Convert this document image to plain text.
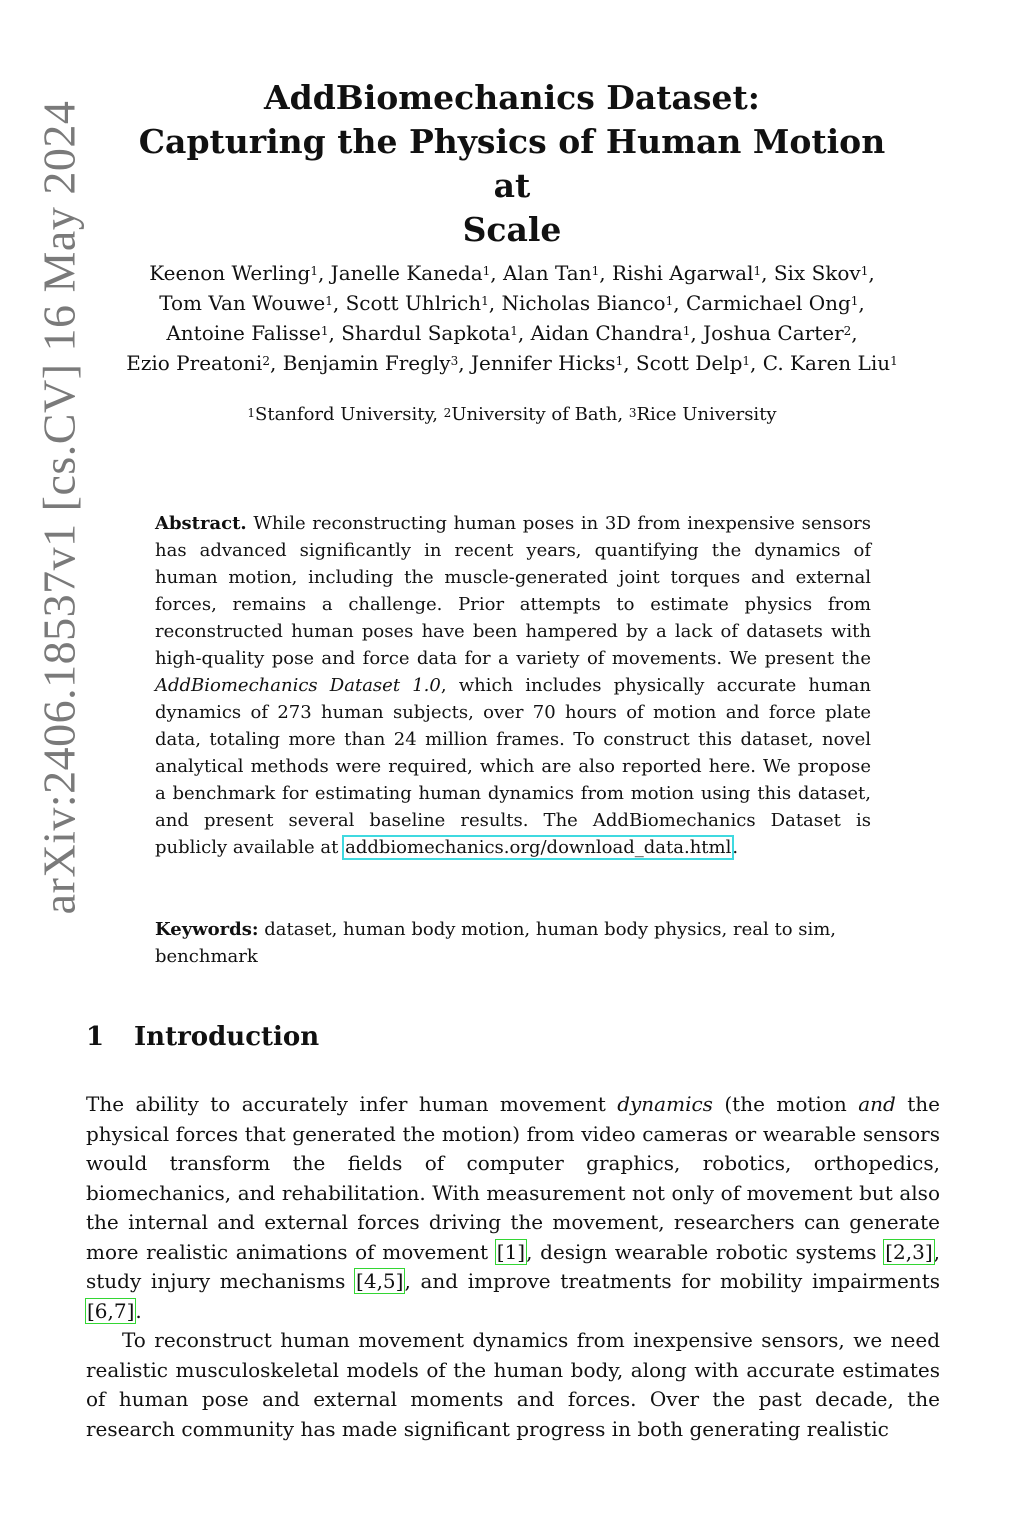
arXiv:2406.18537v1 [cs.CV] 16 May 2024
AddBiomechanics Dataset:
Capturing the Physics of Human Motion at
Scale
Keenon Werling$^1$, Janelle Kaneda$^1$, Alan Tan$^1$, Rishi Agarwal$^1$, Six Skov$^1$, Tom Van Wouwe$^1$, Scott Uhlrich$^1$, Nicholas Bianco$^1$, Carmichael Ong$^1$, Antoine Falisse$^1$, Shardul Sapkota$^1$, Aidan Chandra$^1$, Joshua Carter$^2$, Ezio Preatoni$^2$, Benjamin Fregly$^3$, Jennifer Hicks$^1$, Scott Delp$^1$, C. Karen Liu$^1$
$^1$Stanford University, $^2$University of Bath, $^3$Rice University
Abstract. While reconstructing human poses in 3D from inexpensive sensors has advanced significantly in recent years, quantifying the dynamics of human motion, including the muscle-generated joint torques and external forces, remains a challenge. Prior attempts to estimate physics from reconstructed human poses have been hampered by a lack of datasets with high-quality pose and force data for a variety of movements. We present the AddBiomechanics Dataset 1.0, which includes physically accurate human dynamics of 273 human subjects, over 70 hours of motion and force plate data, totaling more than 24 million frames. To construct this dataset, novel analytical methods were required, which are also reported here. We propose a benchmark for estimating human dynamics from motion using this dataset, and present several baseline results. The AddBiomechanics Dataset is publicly available at addbiomechanics.org/download_data.html.
Keywords: dataset, human body motion, human body physics, real to sim, benchmark
1 Introduction

The ability to accurately infer human movement dynamics (the motion and the physical forces that generated the motion) from video cameras or wearable sensors would transform the fields of computer graphics, robotics, orthopedics, biomechanics, and rehabilitation. With measurement not only of movement but also the internal and external forces driving the movement, researchers can generate more realistic animations of movement [1], design wearable robotic systems [2,3], study injury mechanisms [4,5], and improve treatments for mobility impairments [6,7].

To reconstruct human movement dynamics from inexpensive sensors, we need realistic musculoskeletal models of the human body, along with accurate estimates of human pose and external moments and forces. Over the past decade, the research community has made significant progress in both generating realistic
